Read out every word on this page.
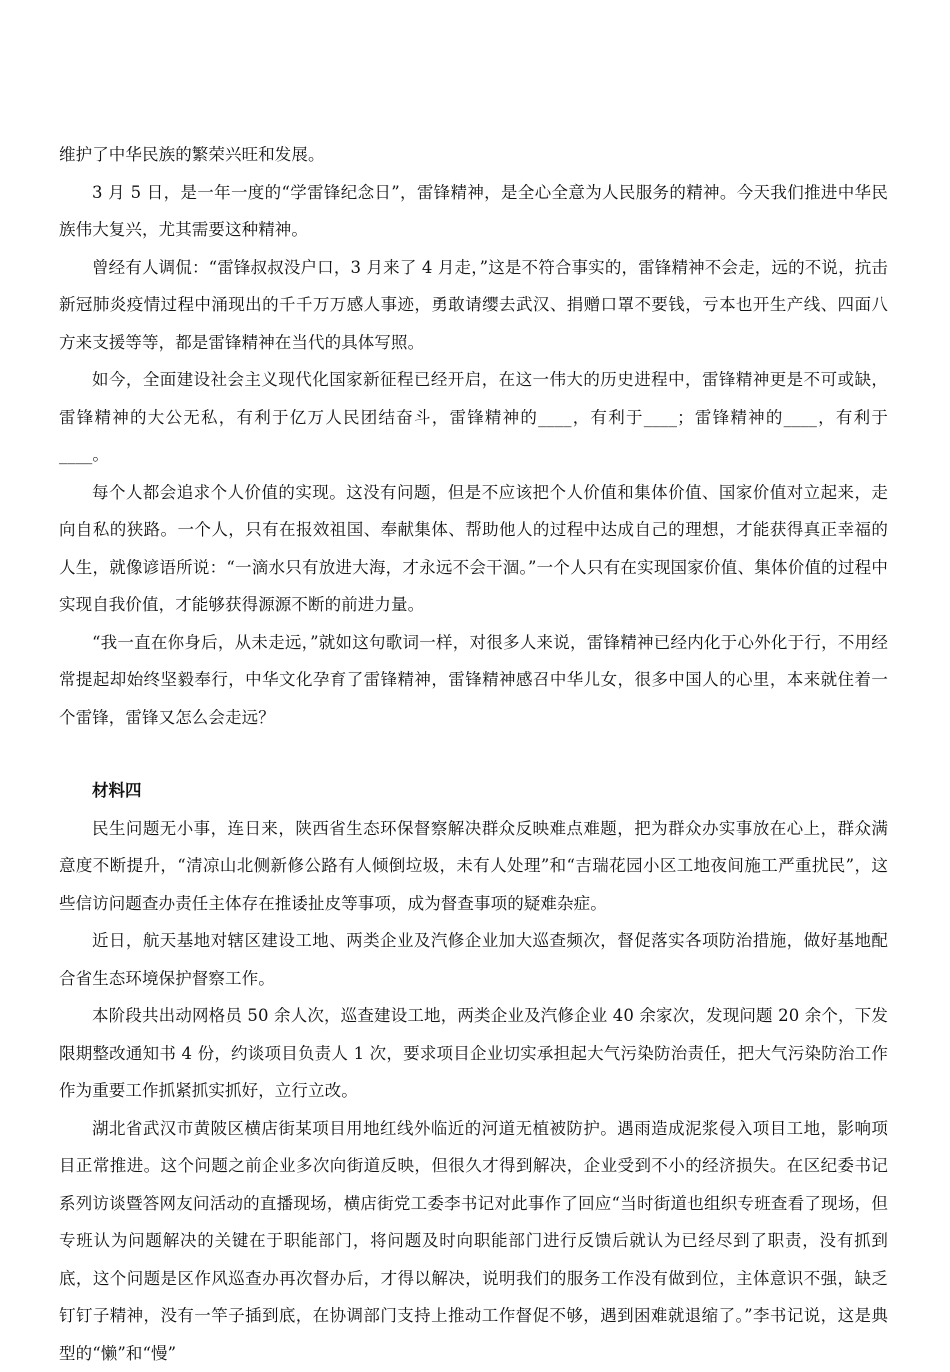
维护了中华民族的繁荣兴旺和发展。

3 月 5 日，是一年一度的“学雷锋纪念日”，雷锋精神，是全心全意为人民服务的精神。今天我们推进中华民族伟大复兴，尤其需要这种精神。

曾经有人调侃：“雷锋叔叔没户口，3 月来了 4 月走，”这是不符合事实的，雷锋精神不会走，远的不说，抗击新冠肺炎疫情过程中涌现出的千千万万感人事迹，勇敢请缨去武汉、捐赠口罩不要钱，亏本也开生产线、四面八方来支援等等，都是雷锋精神在当代的具体写照。

如今，全面建设社会主义现代化国家新征程已经开启，在这一伟大的历史进程中，雷锋精神更是不可或缺，雷锋精神的大公无私，有利于亿万人民团结奋斗，雷锋精神的____，有利于____；雷锋精神的____，有利于____。

每个人都会追求个人价值的实现。这没有问题，但是不应该把个人价值和集体价值、国家价值对立起来，走向自私的狭路。一个人，只有在报效祖国、奉献集体、帮助他人的过程中达成自己的理想，才能获得真正幸福的人生，就像谚语所说：“一滴水只有放进大海，才永远不会干涸。”一个人只有在实现国家价值、集体价值的过程中实现自我价值，才能够获得源源不断的前进力量。

“我一直在你身后，从未走远，”就如这句歌词一样，对很多人来说，雷锋精神已经内化于心外化于行，不用经常提起却始终坚毅奉行，中华文化孕育了雷锋精神，雷锋精神感召中华儿女，很多中国人的心里，本来就住着一个雷锋，雷锋又怎么会走远？

材料四

民生问题无小事，连日来，陕西省生态环保督察解决群众反映难点难题，把为群众办实事放在心上，群众满意度不断提升，“清凉山北侧新修公路有人倾倒垃圾，未有人处理”和“吉瑞花园小区工地夜间施工严重扰民”，这些信访问题查办责任主体存在推诿扯皮等事项，成为督查事项的疑难杂症。

近日，航天基地对辖区建设工地、两类企业及汽修企业加大巡查频次，督促落实各项防治措施，做好基地配合省生态环境保护督察工作。

本阶段共出动网格员 50 余人次，巡查建设工地，两类企业及汽修企业 40 余家次，发现问题 20 余个，下发限期整改通知书 4 份，约谈项目负责人 1 次，要求项目企业切实承担起大气污染防治责任，把大气污染防治工作作为重要工作抓紧抓实抓好，立行立改。

湖北省武汉市黄陂区横店街某项目用地红线外临近的河道无植被防护。遇雨造成泥浆侵入项目工地，影响项目正常推进。这个问题之前企业多次向街道反映，但很久才得到解决，企业受到不小的经济损失。在区纪委书记系列访谈暨答网友问活动的直播现场，横店街党工委李书记对此事作了回应“当时街道也组织专班查看了现场，但专班认为问题解决的关键在于职能部门，将问题及时向职能部门进行反馈后就认为已经尽到了职责，没有抓到底，这个问题是区作风巡查办再次督办后，才得以解决，说明我们的服务工作没有做到位，主体意识不强，缺乏钉钉子精神，没有一竿子插到底，在协调部门支持上推动工作督促不够，遇到困难就退缩了。”李书记说，这是典型的“懒”和“慢”
